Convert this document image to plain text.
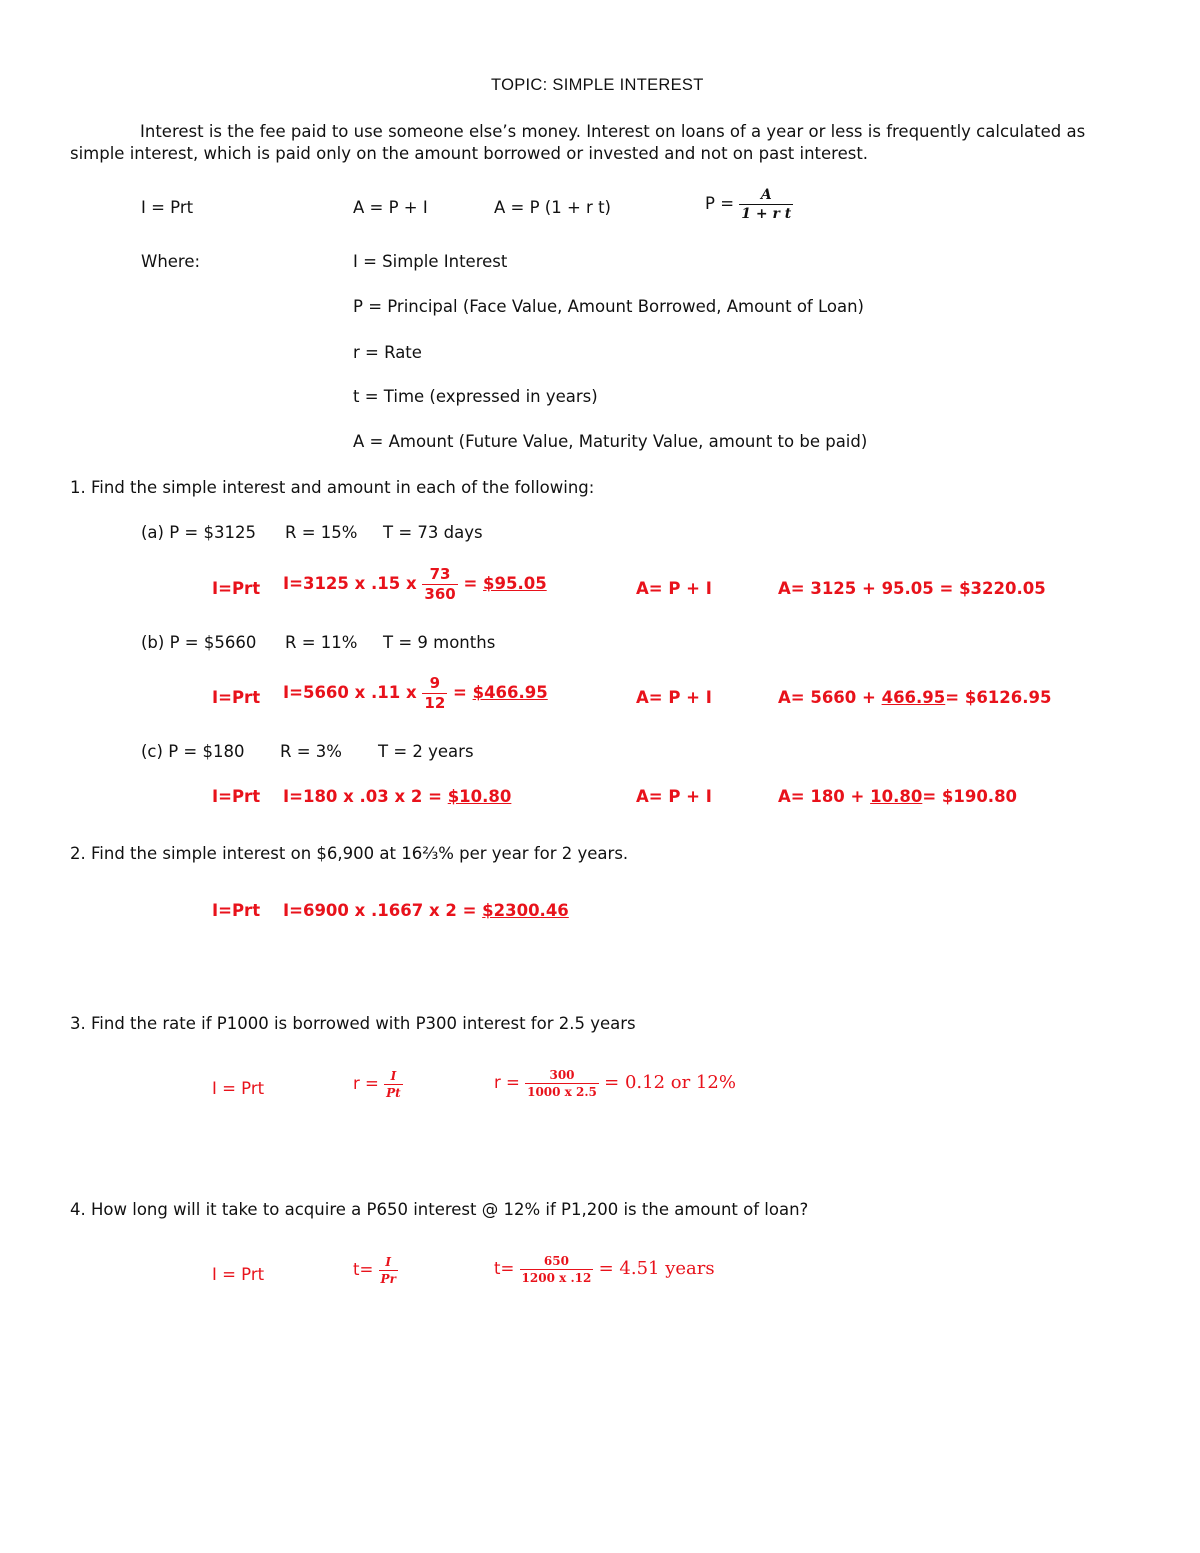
TOPIC: SIMPLE INTEREST
Interest is the fee paid to use someone else’s money. Interest on loans of a year or less is frequently calculated as simple interest, which is paid only on the amount borrowed or invested and not on past interest.
I = Prt	A = P + I	A = P (1 + r t)	$P = \frac{A}{\text{1 + r t}}$
Where:	I = Simple Interest
P = Principal (Face Value, Amount Borrowed, Amount of Loan)
r = Rate
t = Time (expressed in years)
A = Amount (Future Value, Maturity Value, amount to be paid)
1. Find the simple interest and amount in each of the following:
(a) P = $3125 R = 15% T = 73 days
I=Prt I=3125 x .15 x $\frac{73}{360}$ = $95.05	A= P + I	A= 3125 + 95.05 = $3220.05
(b) P = $5660 R = 11% T = 9 months
I=Prt I=5660 x .11 x $\frac{9}{12}$ = $466.95	A= P + I	A= 5660 + 466.95= $6126.95
(c) P = $180 R = 3% T = 2 years
I=Prt I=180 x .03 x 2 = $10.80	A= P + I	A= 180 + 10.80= $190.80
2. Find the simple interest on $6,900 at 16⅔% per year for 2 years.
I=Prt I=6900 x .1667 x 2 = $2300.46
3. Find the rate if P1000 is borrowed with P300 interest for 2.5 years
I = Prt	$r = \frac{I}{Pt}$	$r = \frac{300}{1000 x 2.5} = 0.12$ or 12%
4. How long will it take to acquire a P650 interest @ 12% if P1,200 is the amount of loan?
I = Prt	$t= \frac{I}{Pr}$	$t= \frac{650}{1200 x .12} = 4.51$ years
